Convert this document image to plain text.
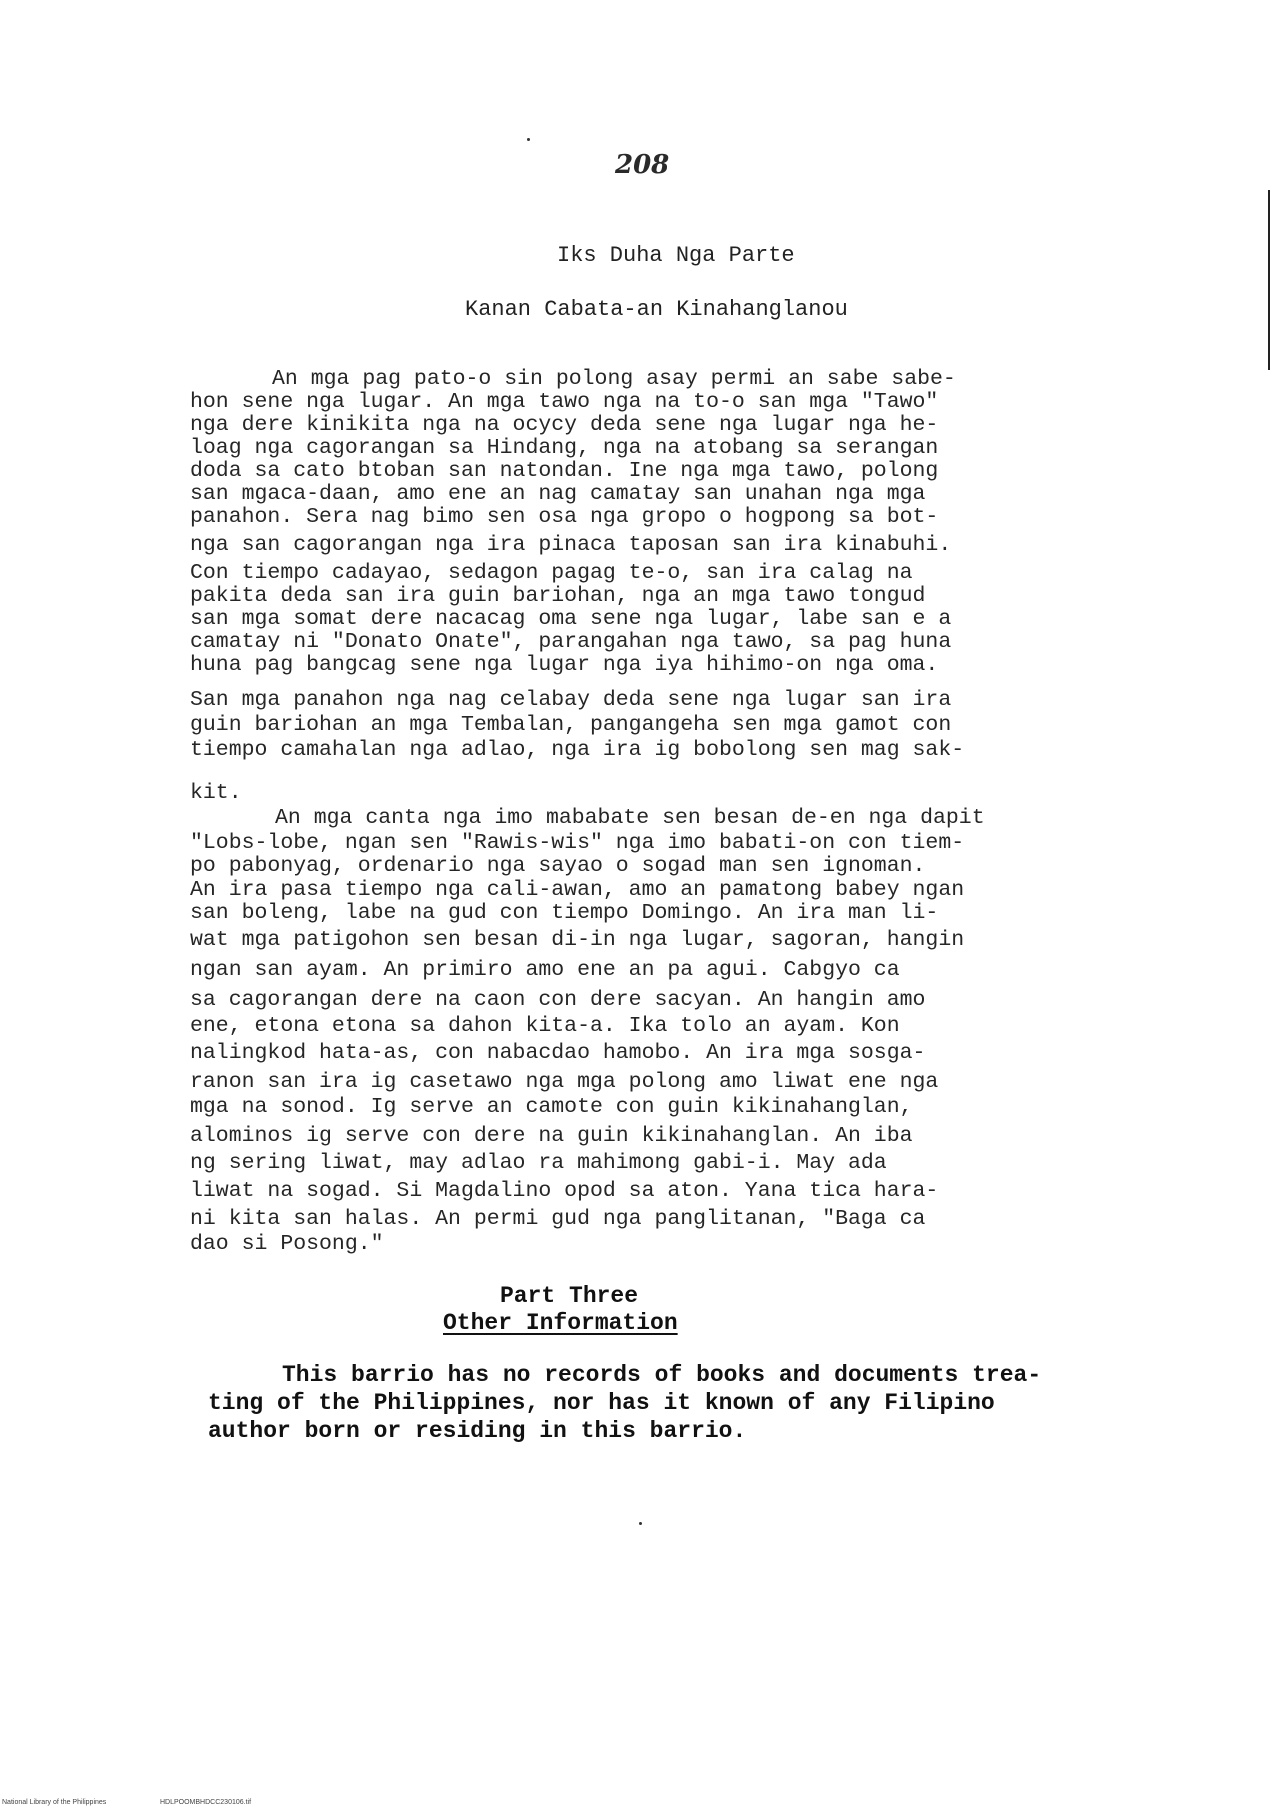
208
Iks Duha Nga Parte
Kanan Cabata-an Kinahanglanou
An mga pag pato-o sin polong asay permi an sabe sabe-
hon sene nga lugar. An mga tawo nga na to-o san mga "Tawo"
nga dere kinikita nga na ocycy deda sene nga lugar nga he-
loag nga cagorangan sa Hindang, nga na atobang sa serangan
doda sa cato btoban san natondan. Ine nga mga tawo, polong
san mgaca-daan, amo ene an nag camatay san unahan nga mga
panahon. Sera nag bimo sen osa nga gropo o hogpong sa bot-
nga san cagorangan nga ira pinaca taposan san ira kinabuhi.
Con tiempo cadayao, sedagon pagag te-o, san ira calag na
pakita deda san ira guin bariohan, nga an mga tawo tongud
san mga somat dere nacacag oma sene nga lugar, labe san e a
camatay ni "Donato Onate", parangahan nga tawo, sa pag huna
huna pag bangcag sene nga lugar nga iya hihimo-on nga oma.
San mga panahon nga nag celabay deda sene nga lugar san ira
guin bariohan an mga Tembalan, pangangeha sen mga gamot con
tiempo camahalan nga adlao, nga ira ig bobolong sen mag sak-
kit.
An mga canta nga imo mababate sen besan de-en nga dapit
"Lobs-lobe, ngan sen "Rawis-wis" nga imo babati-on con tiem-
po pabonyag, ordenario nga sayao o sogad man sen ignoman.
An ira pasa tiempo nga cali-awan, amo an pamatong babey ngan
san boleng, labe na gud con tiempo Domingo. An ira man li-
wat mga patigohon sen besan di-in nga lugar, sagoran, hangin
ngan san ayam. An primiro amo ene an pa agui. Cabgyo ca
sa cagorangan dere na caon con dere sacyan. An hangin amo
ene, etona etona sa dahon kita-a. Ika tolo an ayam. Kon
nalingkod hata-as, con nabacdao hamobo. An ira mga sosga-
ranon san ira ig casetawo nga mga polong amo liwat ene nga
mga na sonod. Ig serve an camote con guin kikinahanglan,
alominos ig serve con dere na guin kikinahanglan. An iba
ng sering liwat, may adlao ra mahimong gabi-i. May ada
liwat na sogad. Si Magdalino opod sa aton. Yana tica hara-
ni kita san halas. An permi gud nga panglitanan, "Baga ca
dao si Posong."
Part Three
Other Information
This barrio has no records of books and documents trea-
ting of the Philippines, nor has it known of any Filipino
author born or residing in this barrio.
National Library of the Philippines	HDLPOOMBHDCC230106.tif
